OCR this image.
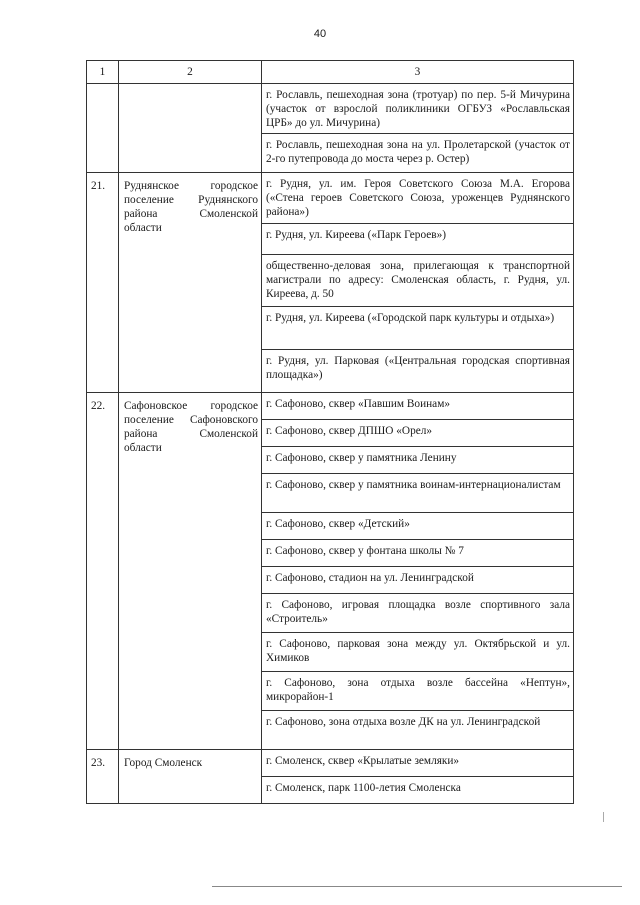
40
1	2	3
		г. Рославль, пешеходная зона (тротуар) по пер. 5-й Мичурина (участок от взрослой поликлиники ОГБУЗ «Рославльская ЦРБ» до ул. Мичурина)
		г. Рославль, пешеходная зона на ул. Пролетарской (участок от 2-го путепровода до моста через р. Остер)
21.	Руднянское городское поселение Руднянского района Смоленской области	г. Рудня, ул. им. Героя Советского Союза М.А. Егорова («Стена героев Советского Союза, уроженцев Руднянского района»)
		г. Рудня, ул. Киреева («Парк Героев»)
		общественно-деловая зона, прилегающая к транспортной магистрали по адресу: Смоленская область, г. Рудня, ул. Киреева, д. 50
		г. Рудня, ул. Киреева («Городской парк культуры и отдыха»)
		г. Рудня, ул. Парковая («Центральная городская спортивная площадка»)
22.	Сафоновское городское поселение Сафоновского района Смоленской области	г. Сафоново, сквер «Павшим Воинам»
		г. Сафоново, сквер ДПШО «Орел»
		г. Сафоново, сквер у памятника Ленину
		г. Сафоново, сквер у памятника воинам-интернационалистам
		г. Сафоново, сквер «Детский»
		г. Сафоново, сквер у фонтана школы № 7
		г. Сафоново, стадион на ул. Ленинградской
		г. Сафоново, игровая площадка возле спортивного зала «Строитель»
		г. Сафоново, парковая зона между ул. Октябрьской и ул. Химиков
		г. Сафоново, зона отдыха возле бассейна «Нептун», микрорайон-1
		г. Сафоново, зона отдыха возле ДК на ул. Ленинградской
23.	Город Смоленск	г. Смоленск, сквер «Крылатые земляки»
		г. Смоленск, парк 1100-летия Смоленска
